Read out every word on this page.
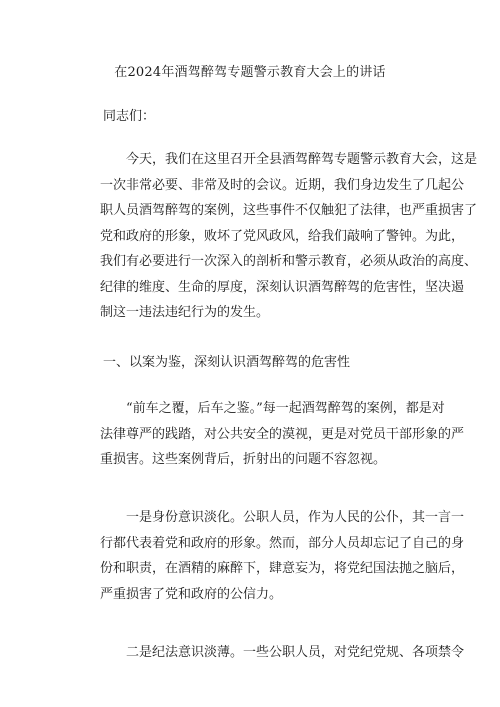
在2024年酒驾醉驾专题警示教育大会上的讲话
同志们：
　　今天，我们在这里召开全县酒驾醉驾专题警示教育大会，这是
一次非常必要、非常及时的会议。近期，我们身边发生了几起公
职人员酒驾醉驾的案例，这些事件不仅触犯了法律，也严重损害了
党和政府的形象，败坏了党风政风，给我们敲响了警钟。为此，
我们有必要进行一次深入的剖析和警示教育，必须从政治的高度、
纪律的维度、生命的厚度，深刻认识酒驾醉驾的危害性，坚决遏
制这一违法违纪行为的发生。
一、以案为鉴，深刻认识酒驾醉驾的危害性
　　“前车之覆，后车之鉴。”每一起酒驾醉驾的案例，都是对
法律尊严的践踏，对公共安全的漠视，更是对党员干部形象的严
重损害。这些案例背后，折射出的问题不容忽视。
　　一是身份意识淡化。公职人员，作为人民的公仆，其一言一
行都代表着党和政府的形象。然而，部分人员却忘记了自己的身
份和职责，在酒精的麻醉下，肆意妄为，将党纪国法抛之脑后，
严重损害了党和政府的公信力。
　　二是纪法意识淡薄。一些公职人员，对党纪党规、各项禁令
